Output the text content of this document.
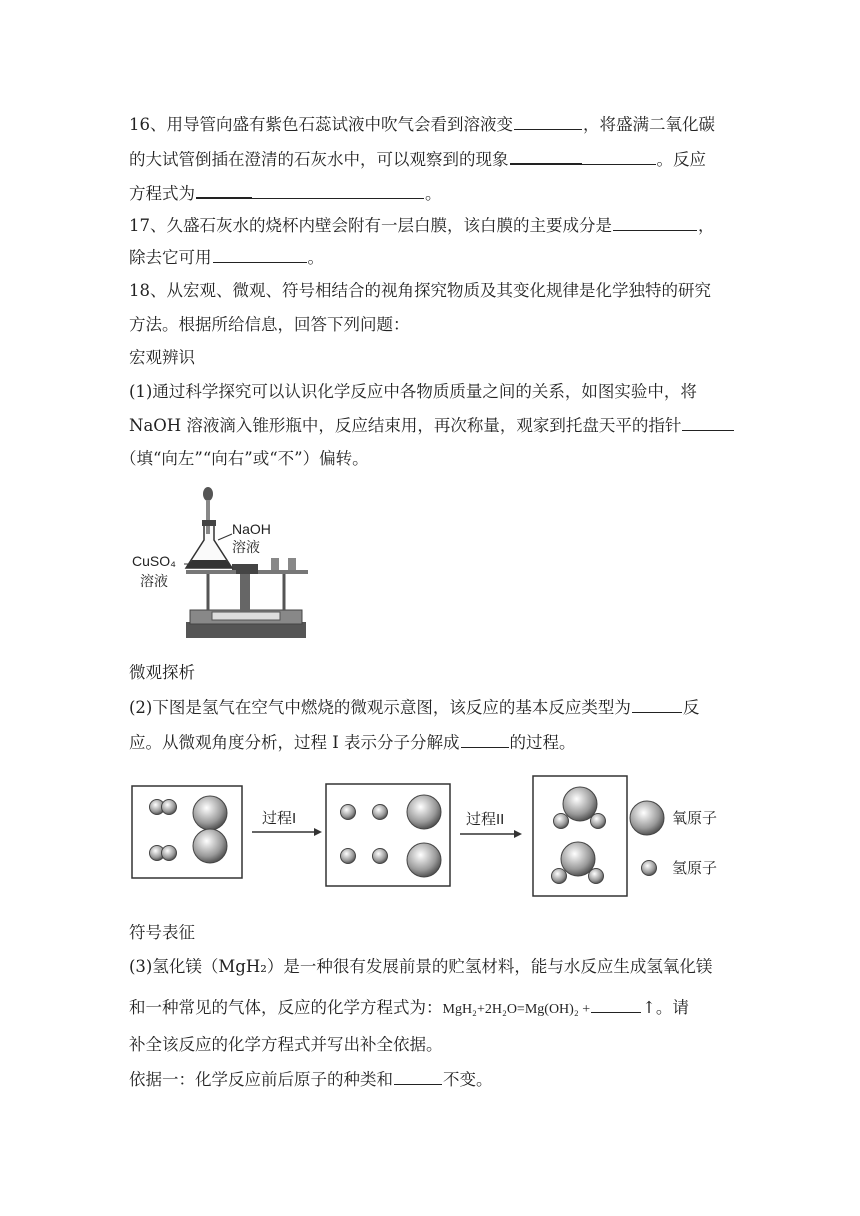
16、用导管向盛有紫色石蕊试液中吹气会看到溶液变	，将盛满二氧化碳
的大试管倒插在澄清的石灰水中，可以观察到的现象	。反应
方程式为	。
17、久盛石灰水的烧杯内壁会附有一层白膜，该白膜的主要成分是	，
除去它可用	。
18、从宏观、微观、符号相结合的视角探究物质及其变化规律是化学独特的研究
方法。根据所给信息，回答下列问题：
宏观辨识
(1)通过科学探究可以认识化学反应中各物质质量之间的关系，如图实验中，将
NaOH 溶液滴入锥形瓶中，反应结束用，再次称量，观家到托盘天平的指针
（填“向左”“向右”或“不”）偏转。
NaOH
溶液
CuSO₄
溶液
微观探析
(2)下图是氢气在空气中燃烧的微观示意图，该反应的基本反应类型为	反
应。从微观角度分析，过程 I 表示分子分解成	的过程。
过程I	过程II	氧原子
氢原子
符号表征
(3)氢化镁（MgH₂）是一种很有发展前景的贮氢材料，能与水反应生成氢氧化镁
和一种常见的气体，反应的化学方程式为：MgH₂+2H₂O=Mg(OH)₂ +	↑。请
补全该反应的化学方程式并写出补全依据。
依据一：化学反应前后原子的种类和	不变。
